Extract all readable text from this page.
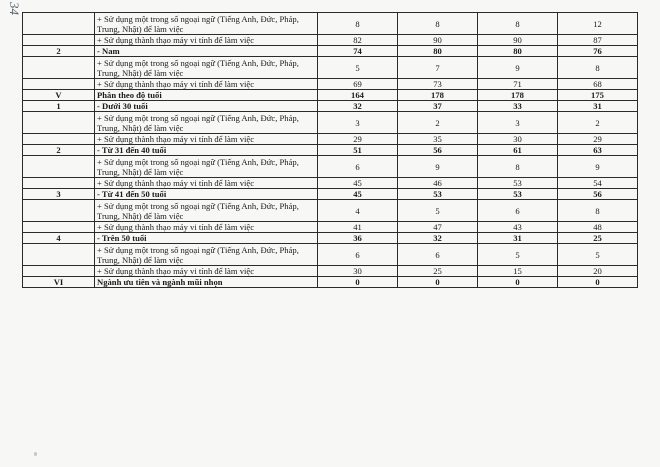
34
	+ Sử dụng một trong số ngoại ngữ (Tiếng Anh, Đức, Pháp, Trung, Nhật) để làm việc	8	8	8	12
	+ Sử dụng thành thạo máy vi tính để làm việc	82	90	90	87
2	- Nam	74	80	80	76
	+ Sử dụng một trong số ngoại ngữ (Tiếng Anh, Đức, Pháp, Trung, Nhật) để làm việc	5	7	9	8
	+ Sử dụng thành thạo máy vi tính để làm việc	69	73	71	68
V	Phân theo độ tuổi	164	178	178	175
1	- Dưới 30 tuổi	32	37	33	31
	+ Sử dụng một trong số ngoại ngữ (Tiếng Anh, Đức, Pháp, Trung, Nhật) để làm việc	3	2	3	2
	+ Sử dụng thành thạo máy vi tính để làm việc	29	35	30	29
2	- Từ 31 đến 40 tuổi	51	56	61	63
	+ Sử dụng một trong số ngoại ngữ (Tiếng Anh, Đức, Pháp, Trung, Nhật) để làm việc	6	9	8	9
	+ Sử dụng thành thạo máy vi tính để làm việc	45	46	53	54
3	- Từ 41 đến 50 tuổi	45	53	53	56
	+ Sử dụng một trong số ngoại ngữ (Tiếng Anh, Đức, Pháp, Trung, Nhật) để làm việc	4	5	6	8
	+ Sử dụng thành thạo máy vi tính để làm việc	41	47	43	48
4	- Trên 50 tuổi	36	32	31	25
	+ Sử dụng một trong số ngoại ngữ (Tiếng Anh, Đức, Pháp, Trung, Nhật) để làm việc	6	6	5	5
	+ Sử dụng thành thạo máy vi tính để làm việc	30	25	15	20
VI	Ngành ưu tiên và ngành mũi nhọn	0	0	0	0
